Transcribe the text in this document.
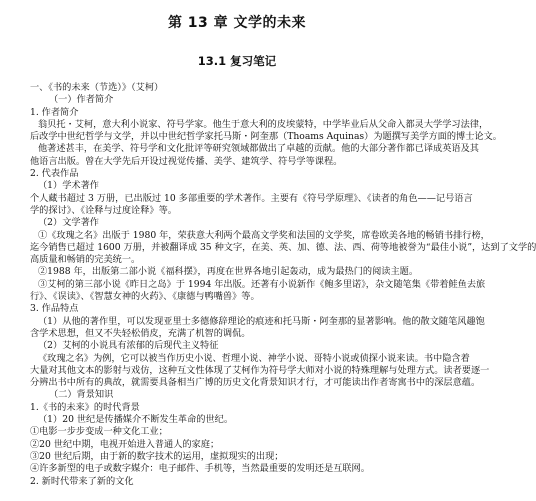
第 13 章 文学的未来
13.1 复习笔记
一、《书的未来（节选）》（艾柯）
（一）作者简介
1. 作者简介
翁贝托・艾柯，意大利小说家、符号学家。他生于意大利的皮埃蒙特，中学毕业后从父命入都灵大学学习法律，
后改学中世纪哲学与文学，并以中世纪哲学家托马斯・阿奎那（Thoams Aquinas）为题撰写美学方面的博士论文。
他著述甚丰，在美学、符号学和文化批评等研究领域都做出了卓越的贡献。他的大部分著作都已译成英语及其
他语言出版。曾在大学先后开设过视觉传播、美学、建筑学、符号学等课程。
2. 代表作品
（1）学术著作
个人藏书超过 3 万册，已出版过 10 多部重要的学术著作。主要有《符号学原理》、《读者的角色——记号语言
学的探讨》、《诠释与过度诠释》等。
（2）文学著作
①《玫瑰之名》出版于 1980 年，荣获意大利两个最高文学奖和法国的文学奖，席卷欧美各地的畅销书排行榜，
迄今销售已超过 1600 万册，并被翻译成 35 种文字，在美、英、加、德、法、西、荷等地被誉为“最佳小说”，达到了文学的
高质量和畅销的完美统一。
②1988 年，出版第二部小说《福科摆》，再度在世界各地引起轰动，成为最热门的阅读主题。
③艾柯的第三部小说《昨日之岛》于 1994 年出版。还著有小说新作《鲍多里诺》，杂文随笔集《带着鲑鱼去旅
行》、《误读》、《智慧女神的火药》、《康德与鸭嘴兽》等。
3. 作品特点
（1）从他的著作里，可以发现亚里士多德修辞理论的痕迹和托马斯・阿奎那的显著影响。他的散文随笔风趣饱
含学术思想，但又不失轻松俏皮，充满了机智的调侃。
（2）艾柯的小说具有浓郁的后现代主义特征
《玫瑰之名》为例，它可以被当作历史小说、哲理小说、神学小说、哥特小说或侦探小说来读。书中隐含着
大量对其他文本的影射与戏仿，这种互文性体现了艾柯作为符号学大师对小说的特殊理解与处理方式。读者要逐一
分辨出书中所有的典故，就需要具备相当广博的历史文化背景知识才行，才可能读出作者寄寓书中的深层意蕴。
（二）背景知识
1.《书的未来》的时代背景
（1）20 世纪是传播媒介不断发生革命的世纪。
①电影一步步变成一种文化工业；
②20 世纪中期，电视开始进入普通人的家庭；
③20 世纪后期，由于新的数字技术的运用，虚拟现实的出现；
④许多新型的电子或数字媒介：电子邮件、手机等，当然最重要的发明还是互联网。
2. 新时代带来了新的文化
